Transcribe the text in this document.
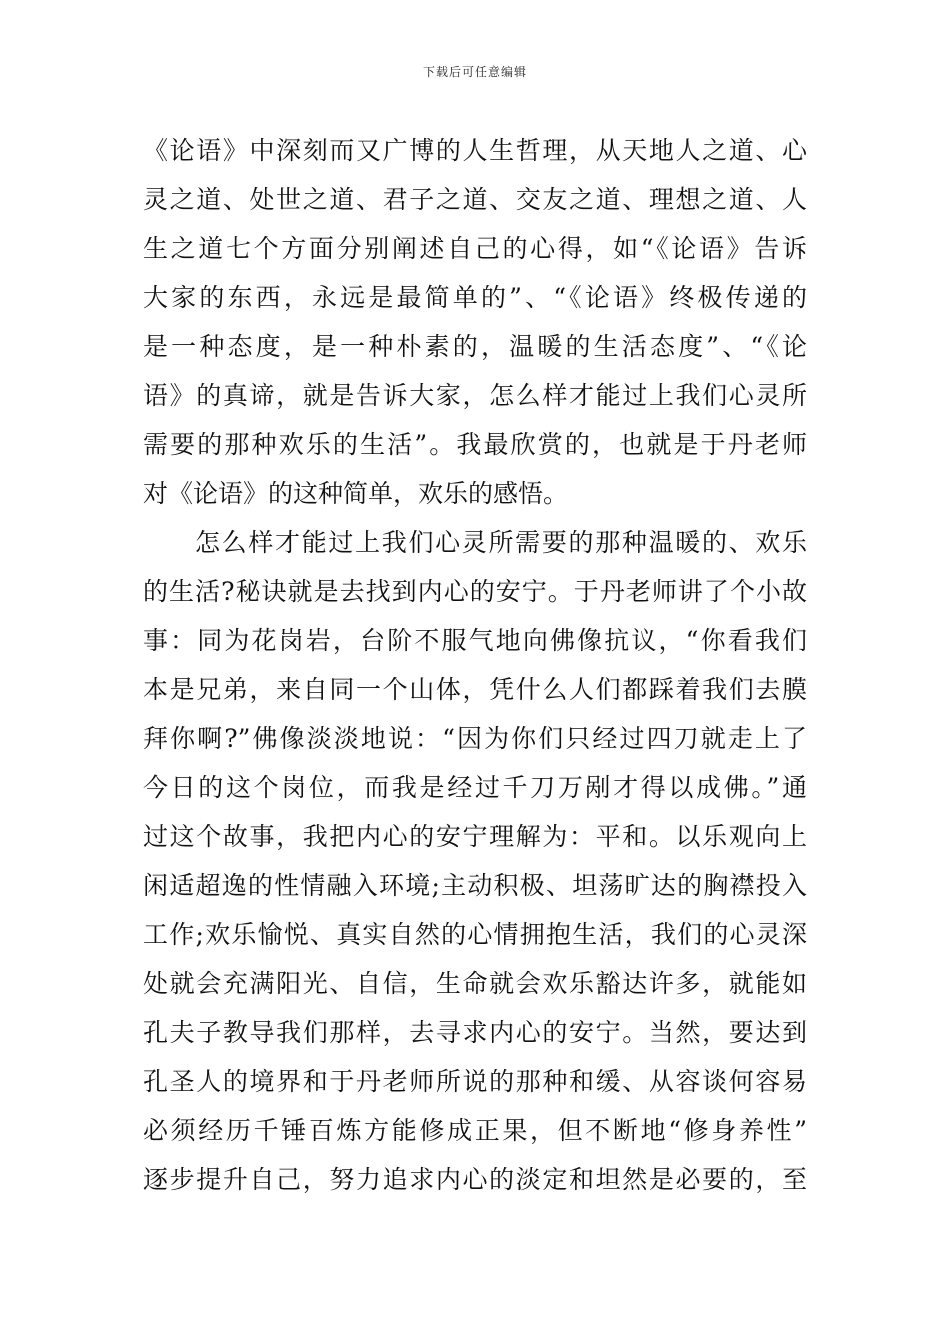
下载后可任意编辑
《论语》中深刻而又广博的人生哲理，从天地人之道、心
灵之道、处世之道、君子之道、交友之道、理想之道、人
生之道七个方面分别阐述自己的心得，如“《论语》告诉
大家的东西，永远是最简单的”、“《论语》终极传递的
是一种态度，是一种朴素的，温暖的生活态度”、“《论
语》的真谛，就是告诉大家，怎么样才能过上我们心灵所
需要的那种欢乐的生活”。我最欣赏的，也就是于丹老师
对《论语》的这种简单，欢乐的感悟。
怎么样才能过上我们心灵所需要的那种温暖的、欢乐
的生活?秘诀就是去找到内心的安宁。于丹老师讲了个小故
事：同为花岗岩，台阶不服气地向佛像抗议，“你看我们
本是兄弟，来自同一个山体，凭什么人们都踩着我们去膜
拜你啊?”佛像淡淡地说：“因为你们只经过四刀就走上了
今日的这个岗位，而我是经过千刀万剐才得以成佛。”通
过这个故事，我把内心的安宁理解为：平和。以乐观向上
闲适超逸的性情融入环境;主动积极、坦荡旷达的胸襟投入
工作;欢乐愉悦、真实自然的心情拥抱生活，我们的心灵深
处就会充满阳光、自信，生命就会欢乐豁达许多，就能如
孔夫子教导我们那样，去寻求内心的安宁。当然，要达到
孔圣人的境界和于丹老师所说的那种和缓、从容谈何容易
必须经历千锤百炼方能修成正果，但不断地“修身养性”
逐步提升自己，努力追求内心的淡定和坦然是必要的，至
